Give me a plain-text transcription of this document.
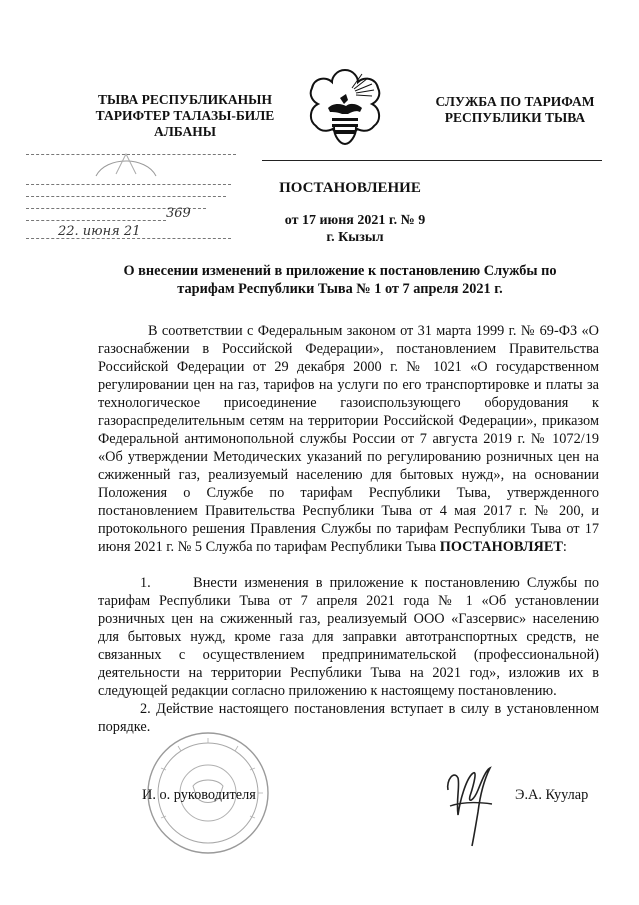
ТЫВА РЕСПУБЛИКАНЫН
ТАРИФТЕР ТАЛАЗЫ-БИЛЕ
АЛБАНЫ
СЛУЖБА ПО ТАРИФАМ
РЕСПУБЛИКИ ТЫВА
369
22. июня 21
ПОСТАНОВЛЕНИЕ
от 17 июня 2021 г. № 9
г. Кызыл
О внесении изменений в приложение к постановлению Службы по тарифам Республики Тыва № 1 от 7 апреля 2021 г.
В соответствии с Федеральным законом от 31 марта 1999 г. № 69-ФЗ «О газоснабжении в Российской Федерации», постановлением Правительства Российской Федерации от 29 декабря 2000 г. № 1021 «О государственном регулировании цен на газ, тарифов на услуги по его транспортировке и платы за технологическое присоединение газоиспользующего оборудования к газораспределительным сетям на территории Российской Федерации», приказом Федеральной антимонопольной службы России от 7 августа 2019 г. № 1072/19 «Об утверждении Методических указаний по регулированию розничных цен на сжиженный газ, реализуемый населению для бытовых нужд», на основании Положения о Службе по тарифам Республики Тыва, утвержденного постановлением Правительства Республики Тыва от 4 мая 2017 г. № 200, и протокольного решения Правления Службы по тарифам Республики Тыва от 17 июня 2021 г. № 5 Служба по тарифам Республики Тыва ПОСТАНОВЛЯЕТ:
1.	Внести изменения в приложение к постановлению Службы по тарифам Республики Тыва от 7 апреля 2021 года № 1 «Об установлении розничных цен на сжиженный газ, реализуемый ООО «Газсервис» населению для бытовых нужд, кроме газа для заправки автотранспортных средств, не связанных с осуществлением предпринимательской (профессиональной) деятельности на территории Республики Тыва на 2021 год», изложив их в следующей редакции согласно приложению к настоящему постановлению.
2. Действие настоящего постановления вступает в силу в установленном порядке.
И. о. руководителя	Э.А. Куулар
